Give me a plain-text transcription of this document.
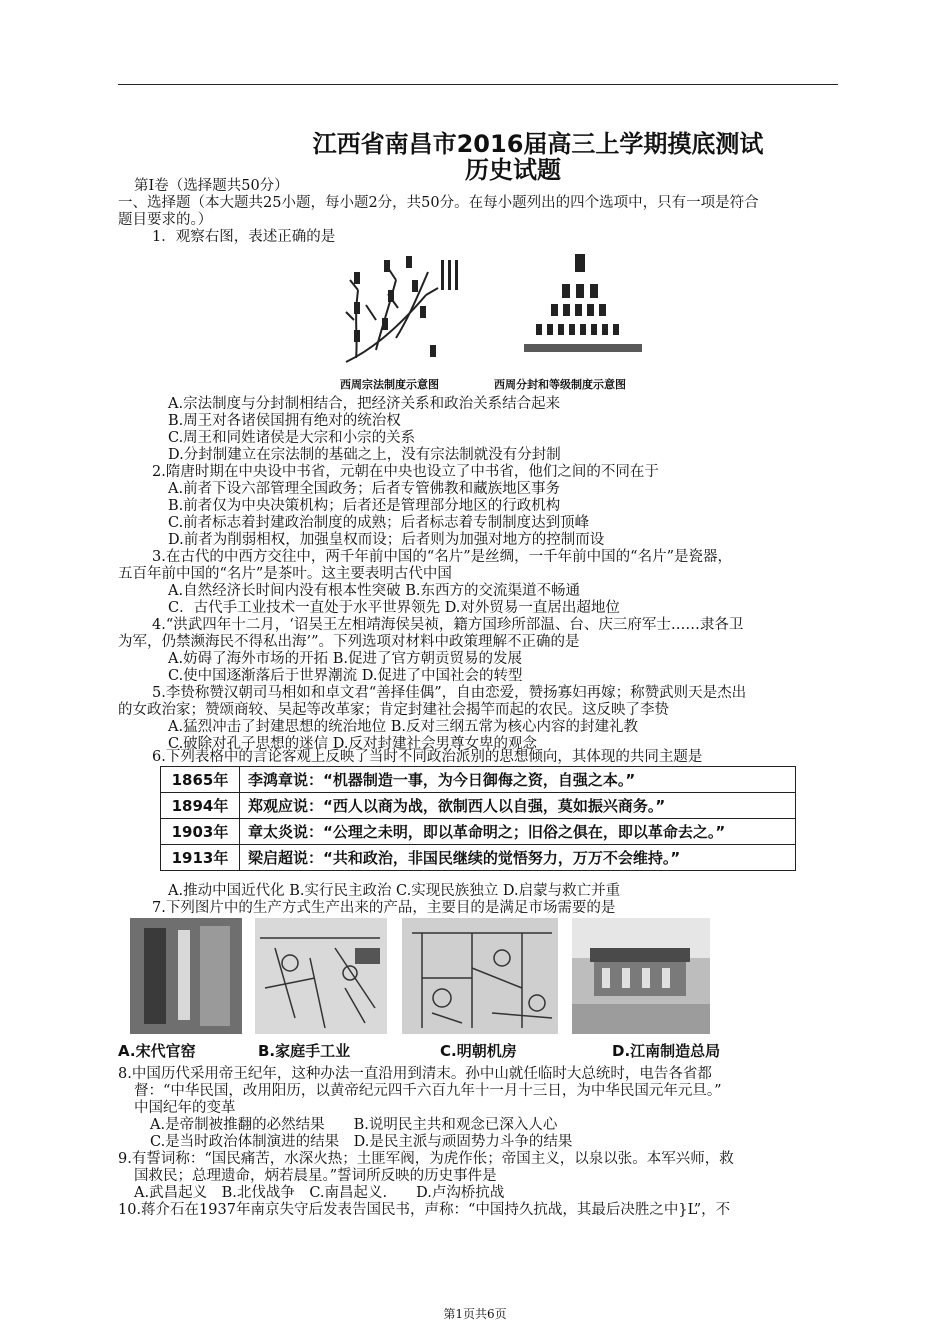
江西省南昌市2016届高三上学期摸底测试
历史试题
第Ⅰ卷（选择题共50分）
一、选择题（本大题共25小题，每小题2分，共50分。在每小题列出的四个选项中，只有一项是符合
题目要求的。）
1．观察右图，表述正确的是
西周宗法制度示意图	西周分封和等级制度示意图
A.宗法制度与分封制相结合，把经济关系和政治关系结合起来
B.周王对各诸侯国拥有绝对的统治权
C.周王和同姓诸侯是大宗和小宗的关系
D.分封制建立在宗法制的基础之上，没有宗法制就没有分封制
2.隋唐时期在中央设中书省，元朝在中央也设立了中书省，他们之间的不同在于
A.前者下设六部管理全国政务；后者专管佛教和藏族地区事务
B.前者仅为中央决策机构；后者还是管理部分地区的行政机构
C.前者标志着封建政治制度的成熟；后者标志着专制制度达到顶峰
D.前者为削弱相权，加强皇权而设；后者则为加强对地方的控制而设
3.在古代的中西方交往中，两千年前中国的“名片”是丝绸，一千年前中国的“名片”是瓷器，
五百年前中国的“名片”是茶叶。这主要表明古代中国
A.自然经济长时间内没有根本性突破 B.东西方的交流渠道不畅通
C．古代手工业技术一直处于水平世界领先 D.对外贸易一直居出超地位
4.“洪武四年十二月，‘诏吴王左相靖海侯吴祯，籍方国珍所部温、台、庆三府军士……隶各卫
为军，仍禁濒海民不得私出海’”。下列选项对材料中政策理解不正确的是
A.妨碍了海外市场的开拓 B.促进了官方朝贡贸易的发展
C.使中国逐渐落后于世界潮流 D.促进了中国社会的转型
5.李贽称赞汉朝司马相如和卓文君“善择佳偶”，自由恋爱，赞扬寡妇再嫁；称赞武则天是杰出
的女政治家；赞颂商较、吴起等改革家；肯定封建社会揭竿而起的农民。这反映了李贽
A.猛烈冲击了封建思想的统治地位 B.反对三纲五常为核心内容的封建礼教
C.破除对孔子思想的迷信 D.反对封建社会男尊女卑的观念
6.下列表格中的言论客观上反映了当时不同政治派别的思想倾向，其体现的共同主题是
1865年	李鸿章说：“机器制造一事，为今日御侮之资，自强之本。”
1894年	郑观应说：“西人以商为战，欲制西人以自强，莫如振兴商务。”
1903年	章太炎说：“公理之未明，即以革命明之；旧俗之俱在，即以革命去之。”
1913年	梁启超说：“共和政治，非国民继续的觉悟努力，万万不会维持。”
A.推动中国近代化 B.实行民主政治 C.实现民族独立 D.启蒙与救亡并重
7.下列图片中的生产方式生产出来的产品，主要目的是满足市场需要的是
A.宋代官窑	B.家庭手工业	C.明朝机房	D.江南制造总局
8.中国历代采用帝王纪年，这种办法一直沿用到清末。孙中山就任临时大总统时，电告各省都
督：“中华民国，改用阳历，以黄帝纪元四千六百九年十一月十三日，为中华民国元年元旦。”
中国纪年的变革
A.是帝制被推翻的必然结果　　B.说明民主共和观念已深入人心
C.是当时政治体制演进的结果　D.是民主派与顽固势力斗争的结果
9.有誓词称：“国民痛苦，水深火热；土匪军阀，为虎作伥；帝国主义，以泉以张。本军兴师，救
国救民；总理遗命，炳若晨星。”誓词所反映的历史事件是
A.武昌起义　B.北伐战争　C.南昌起义.　　D.卢沟桥抗战
10.蒋介石在1937年南京失守后发表告国民书，声称：“中国持久抗战，其最后决胜之中}L”，不
第1页共6页
